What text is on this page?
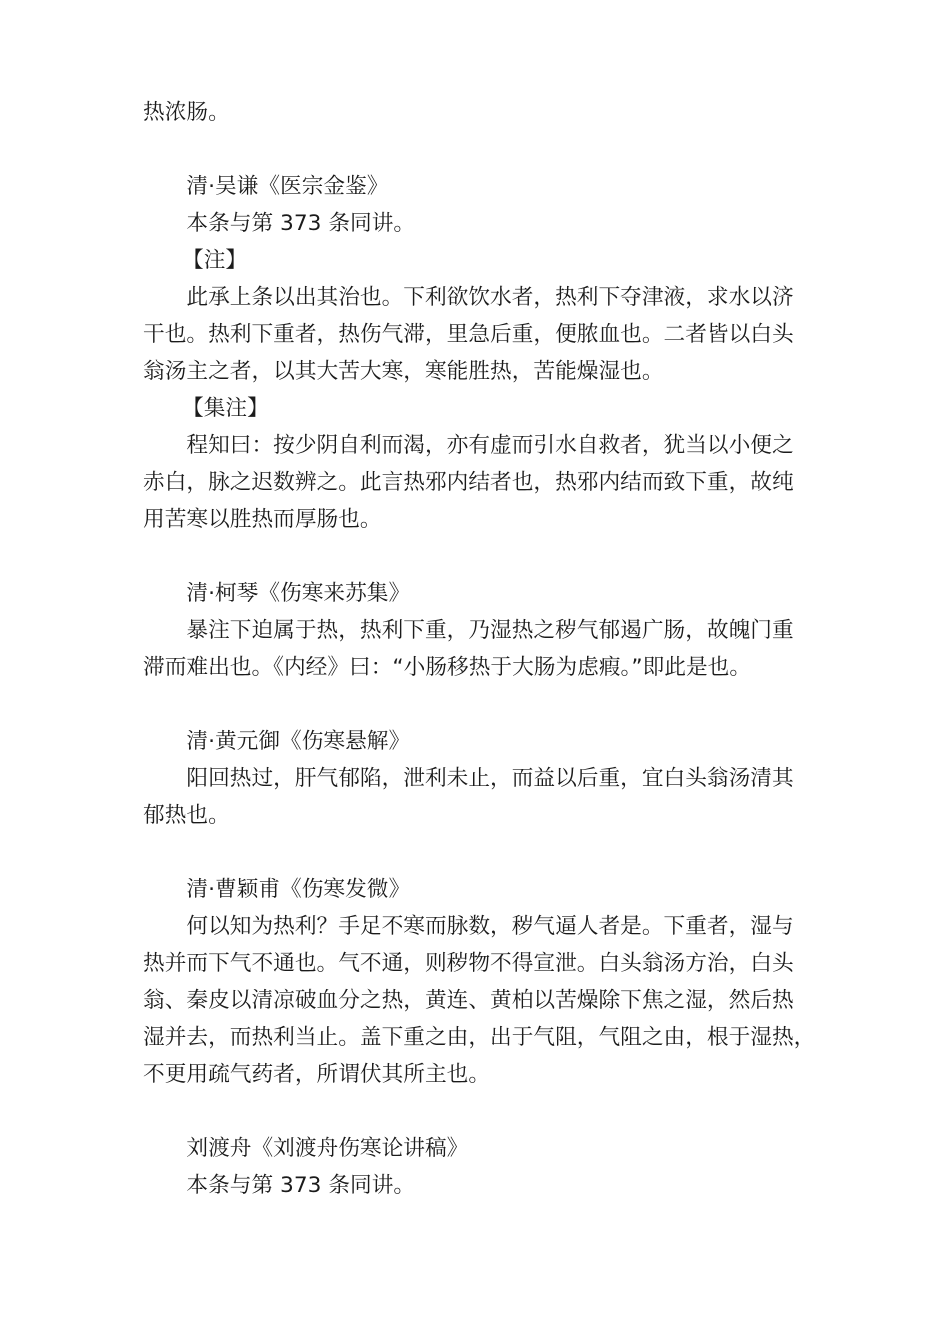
热浓肠。
清·吴谦《医宗金鉴》
本条与第 373 条同讲。
【注】
此承上条以出其治也。下利欲饮水者，热利下夺津液，求水以济
干也。热利下重者，热伤气滞，里急后重，便脓血也。二者皆以白头
翁汤主之者，以其大苦大寒，寒能胜热，苦能燥湿也。
【集注】
程知曰：按少阴自利而渴，亦有虚而引水自救者，犹当以小便之
赤白，脉之迟数辨之。此言热邪内结者也，热邪内结而致下重，故纯
用苦寒以胜热而厚肠也。
清·柯琴《伤寒来苏集》
暴注下迫属于热，热利下重，乃湿热之秽气郁遏广肠，故魄门重
滞而难出也。《内经》曰：“小肠移热于大肠为虑瘕。”即此是也。
清·黄元御《伤寒悬解》
阳回热过，肝气郁陷，泄利未止，而益以后重，宜白头翁汤清其
郁热也。
清·曹颖甫《伤寒发微》
何以知为热利？手足不寒而脉数，秽气逼人者是。下重者，湿与
热并而下气不通也。气不通，则秽物不得宣泄。白头翁汤方治，白头
翁、秦皮以清凉破血分之热，黄连、黄柏以苦燥除下焦之湿，然后热
湿并去，而热利当止。盖下重之由，出于气阻，气阻之由，根于湿热，
不更用疏气药者，所谓伏其所主也。
刘渡舟《刘渡舟伤寒论讲稿》
本条与第 373 条同讲。
